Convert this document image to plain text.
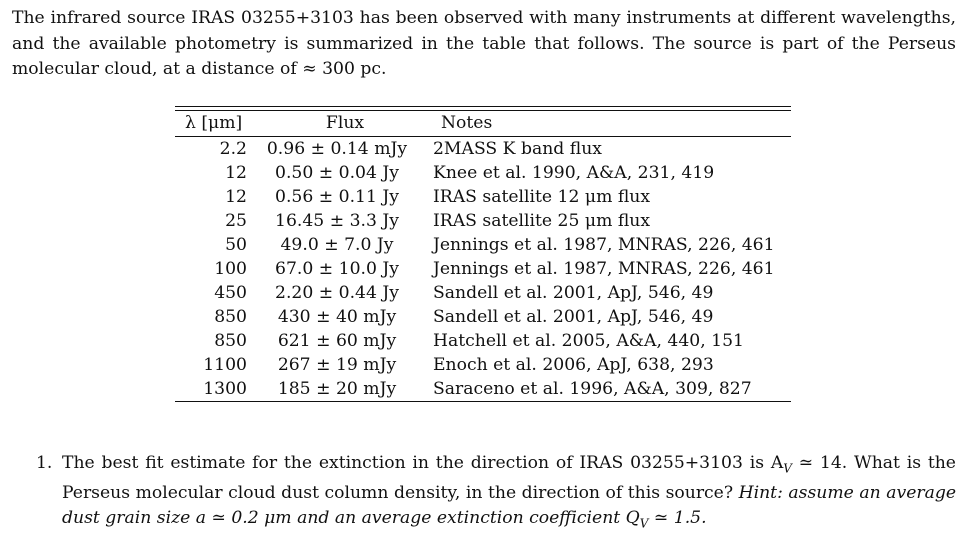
The infrared source IRAS 03255+3103 has been observed with many instruments at different wavelengths,
and the available photometry is summarized in the table that follows. The source is part of the Perseus
molecular cloud, at a distance of ≈ 300 pc.
λ [μm]	Flux	Notes
2.2	0.96 ± 0.14 mJy	2MASS K band flux
12	0.50 ± 0.04 Jy	Knee et al. 1990, A&A, 231, 419
12	0.56 ± 0.11 Jy	IRAS satellite 12 μm flux
25	16.45 ± 3.3 Jy	IRAS satellite 25 μm flux
50	49.0 ± 7.0 Jy	Jennings et al. 1987, MNRAS, 226, 461
100	67.0 ± 10.0 Jy	Jennings et al. 1987, MNRAS, 226, 461
450	2.20 ± 0.44 Jy	Sandell et al. 2001, ApJ, 546, 49
850	430 ± 40 mJy	Sandell et al. 2001, ApJ, 546, 49
850	621 ± 60 mJy	Hatchell et al. 2005, A&A, 440, 151
1100	267 ± 19 mJy	Enoch et al. 2006, ApJ, 638, 293
1300	185 ± 20 mJy	Saraceno et al. 1996, A&A, 309, 827
1. The best fit estimate for the extinction in the direction of IRAS 03255+3103 is $A_V$ ≃ 14. What is the
Perseus molecular cloud dust column density, in the direction of this source? Hint: assume an average
dust grain size a ≃ 0.2 μm and an average extinction coefficient $Q_V$ ≃ 1.5.
